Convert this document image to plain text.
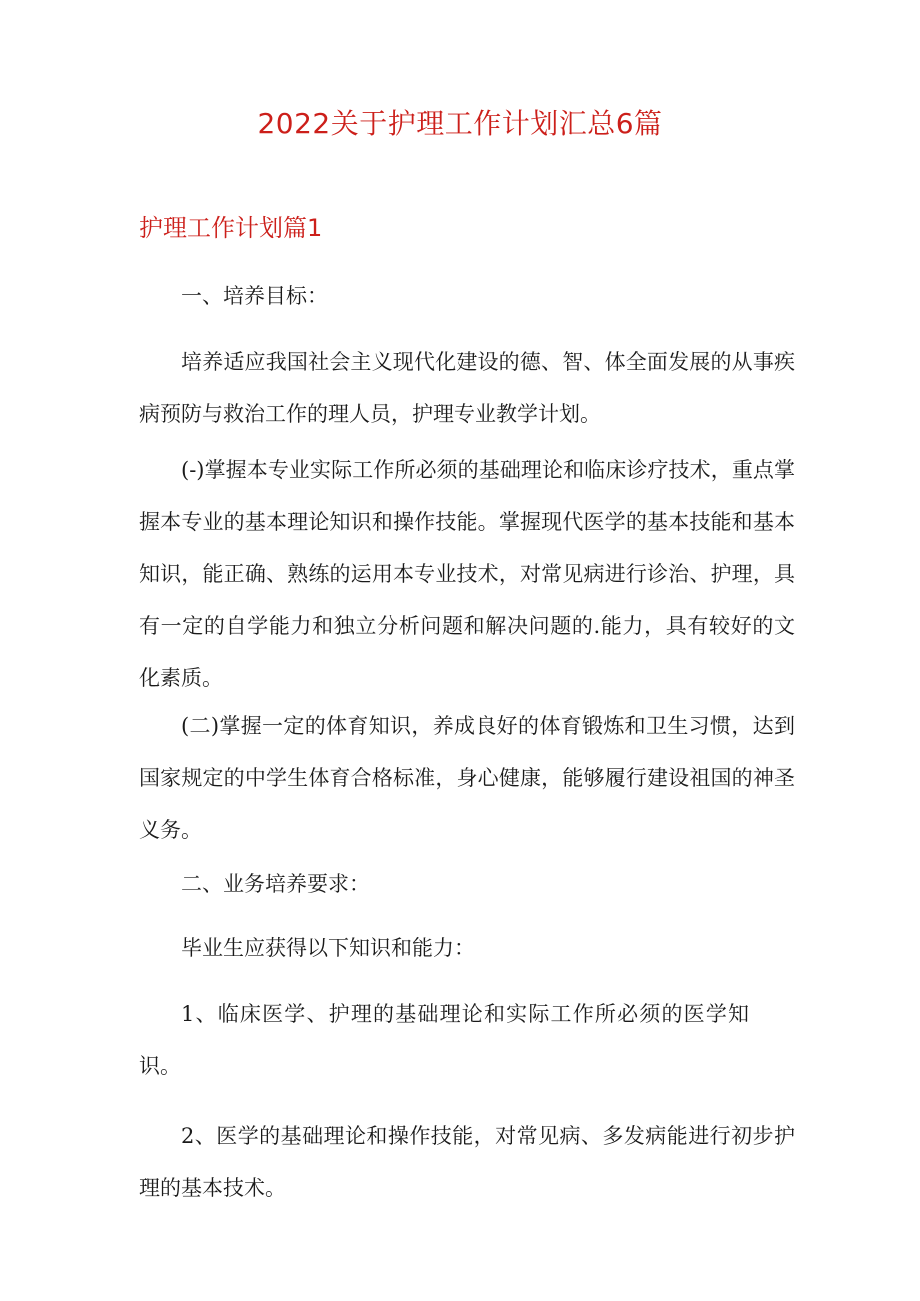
2022关于护理工作计划汇总6篇
护理工作计划篇1

一、培养目标：

培养适应我国社会主义现代化建设的德、智、体全面发展的从事疾病预防与救治工作的理人员，护理专业教学计划。

(-)掌握本专业实际工作所必须的基础理论和临床诊疗技术，重点掌握本专业的基本理论知识和操作技能。掌握现代医学的基本技能和基本知识，能正确、熟练的运用本专业技术，对常见病进行诊治、护理，具有一定的自学能力和独立分析问题和解决问题的.能力，具有较好的文化素质。

(二)掌握一定的体育知识，养成良好的体育锻炼和卫生习惯，达到国家规定的中学生体育合格标准，身心健康，能够履行建设祖国的神圣义务。

二、业务培养要求：

毕业生应获得以下知识和能力：

1、临床医学、护理的基础理论和实际工作所必须的医学知识。

2、医学的基础理论和操作技能，对常见病、多发病能进行初步护理的基本技术。
